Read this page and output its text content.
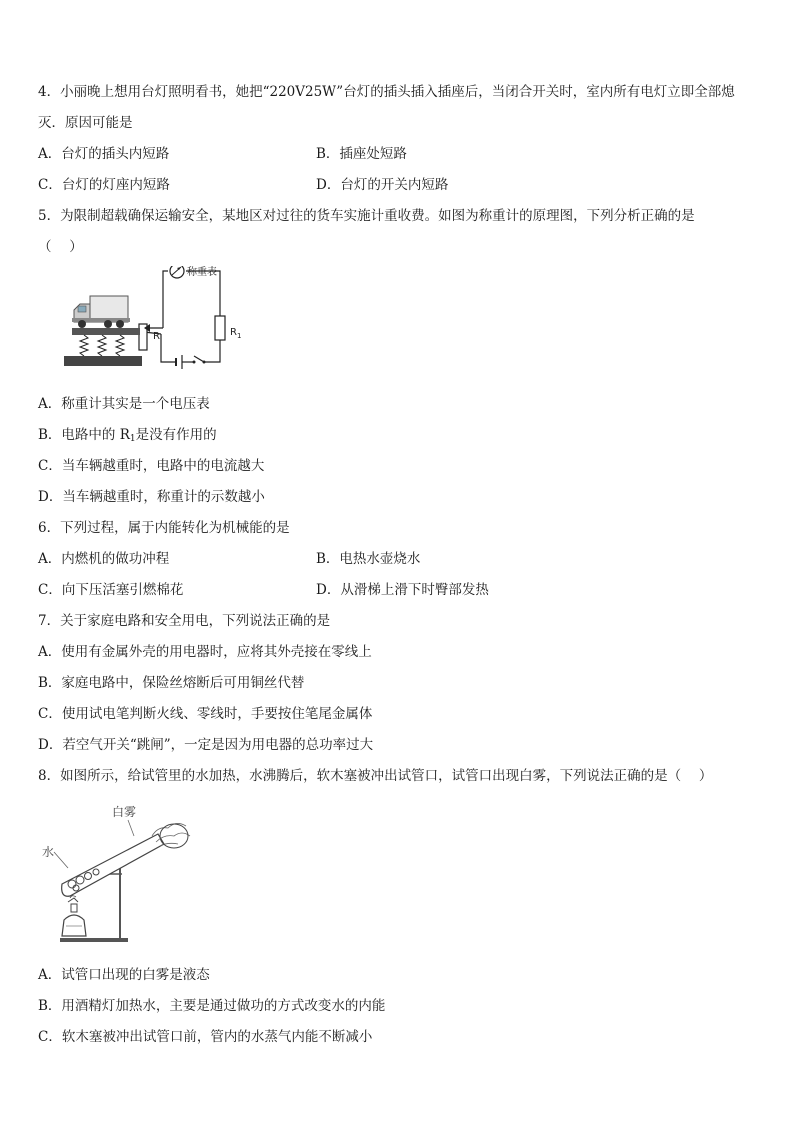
4．小丽晚上想用台灯照明看书，她把“220V25W”台灯的插头插入插座后，当闭合开关时，室内所有电灯立即全部熄
灭．原因可能是
A．台灯的插头内短路	B．插座处短路
C．台灯的灯座内短路	D．台灯的开关内短路
5．为限制超载确保运输安全，某地区对过往的货车实施计重收费。如图为称重计的原理图，下列分析正确的是
（　 ）
称重表
$R_1$
R
A．称重计其实是一个电压表
B．电路中的 $R_1$是没有作用的
C．当车辆越重时，电路中的电流越大
D．当车辆越重时，称重计的示数越小
6．下列过程，属于内能转化为机械能的是
A．内燃机的做功冲程	B．电热水壶烧水
C．向下压活塞引燃棉花	D．从滑梯上滑下时臀部发热
7．关于家庭电路和安全用电，下列说法正确的是
A．使用有金属外壳的用电器时，应将其外壳接在零线上
B．家庭电路中，保险丝熔断后可用铜丝代替
C．使用试电笔判断火线、零线时，手要按住笔尾金属体
D．若空气开关“跳闸”，一定是因为用电器的总功率过大
8．如图所示，给试管里的水加热，水沸腾后，软木塞被冲出试管口，试管口出现白雾，下列说法正确的是（　 ）
白雾
水
A．试管口出现的白雾是液态
B．用酒精灯加热水，主要是通过做功的方式改变水的内能
C．软木塞被冲出试管口前，管内的水蒸气内能不断减小
